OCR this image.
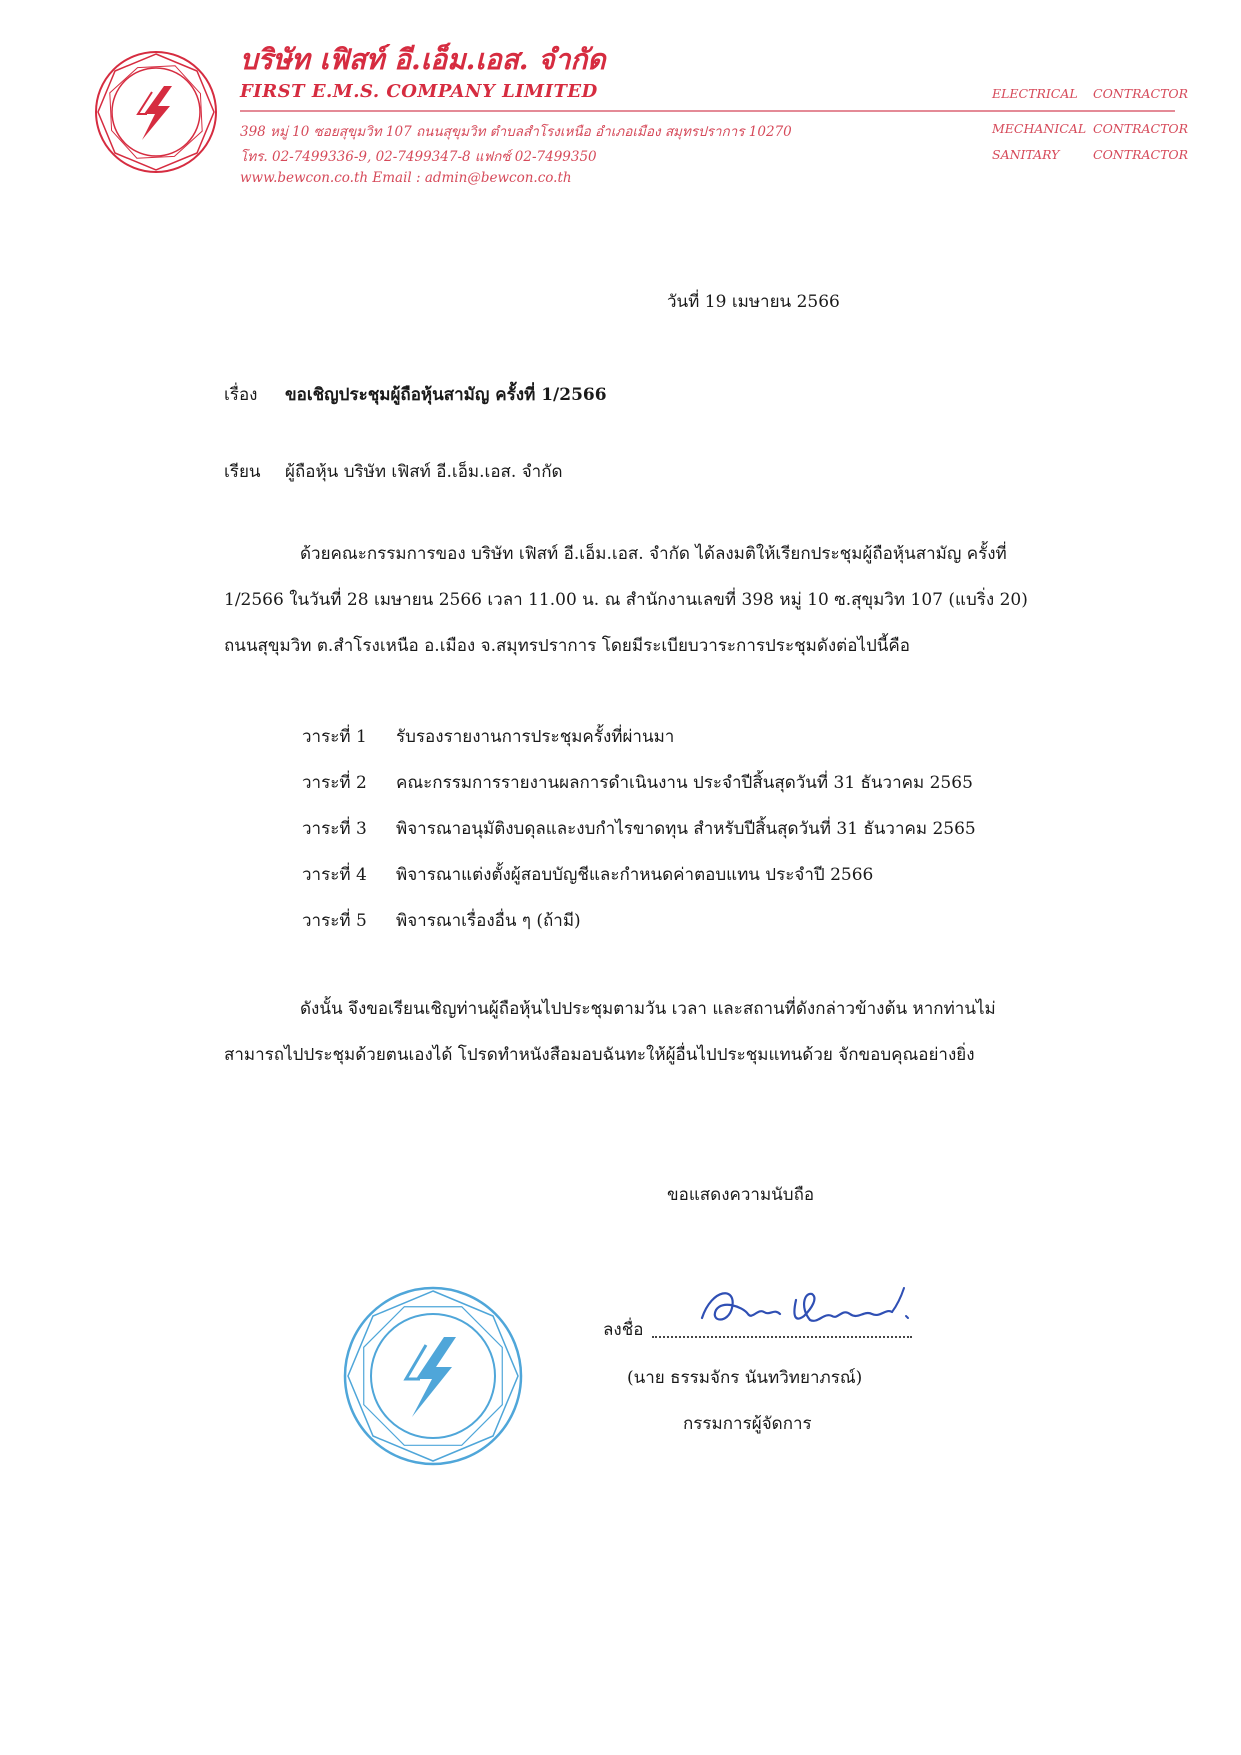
บริษัท เฟิสท์ อี.เอ็ม.เอส. จำกัด
FIRST E.M.S. COMPANY LIMITED
398 หมู่ 10 ซอยสุขุมวิท 107 ถนนสุขุมวิท ตำบลสำโรงเหนือ อำเภอเมือง สมุทรปราการ 10270
โทร. 02-7499336-9, 02-7499347-8 แฟกซ์ 02-7499350
www.bewcon.co.th Email : admin@bewcon.co.th
ELECTRICAL CONTRACTOR
MECHANICAL CONTRACTOR
SANITARY	CONTRACTOR
วันที่ 19 เมษายน 2566
เรื่อง ขอเชิญประชุมผู้ถือหุ้นสามัญ ครั้งที่ 1/2566
เรียน ผู้ถือหุ้น บริษัท เฟิสท์ อี.เอ็ม.เอส. จำกัด
ด้วยคณะกรรมการของ บริษัท เฟิสท์ อี.เอ็ม.เอส. จำกัด ได้ลงมติให้เรียกประชุมผู้ถือหุ้นสามัญ ครั้งที่
1/2566 ในวันที่ 28 เมษายน 2566 เวลา 11.00 น. ณ สำนักงานเลขที่ 398 หมู่ 10 ซ.สุขุมวิท 107 (แบริ่ง 20)
ถนนสุขุมวิท ต.สำโรงเหนือ อ.เมือง จ.สมุทรปราการ โดยมีระเบียบวาระการประชุมดังต่อไปนี้คือ
วาระที่ 1 รับรองรายงานการประชุมครั้งที่ผ่านมา
วาระที่ 2 คณะกรรมการรายงานผลการดำเนินงาน ประจำปีสิ้นสุดวันที่ 31 ธันวาคม 2565
วาระที่ 3 พิจารณาอนุมัติงบดุลและงบกำไรขาดทุน สำหรับปีสิ้นสุดวันที่ 31 ธันวาคม 2565
วาระที่ 4 พิจารณาแต่งตั้งผู้สอบบัญชีและกำหนดค่าตอบแทน ประจำปี 2566
วาระที่ 5 พิจารณาเรื่องอื่น ๆ (ถ้ามี)
ดังนั้น จึงขอเรียนเชิญท่านผู้ถือหุ้นไปประชุมตามวัน เวลา และสถานที่ดังกล่าวข้างต้น หากท่านไม่
สามารถไปประชุมด้วยตนเองได้ โปรดทำหนังสือมอบฉันทะให้ผู้อื่นไปประชุมแทนด้วย จักขอบคุณอย่างยิ่ง
ขอแสดงความนับถือ
ลงชื่อ
(นาย ธรรมจักร นันทวิทยาภรณ์)
กรรมการผู้จัดการ
